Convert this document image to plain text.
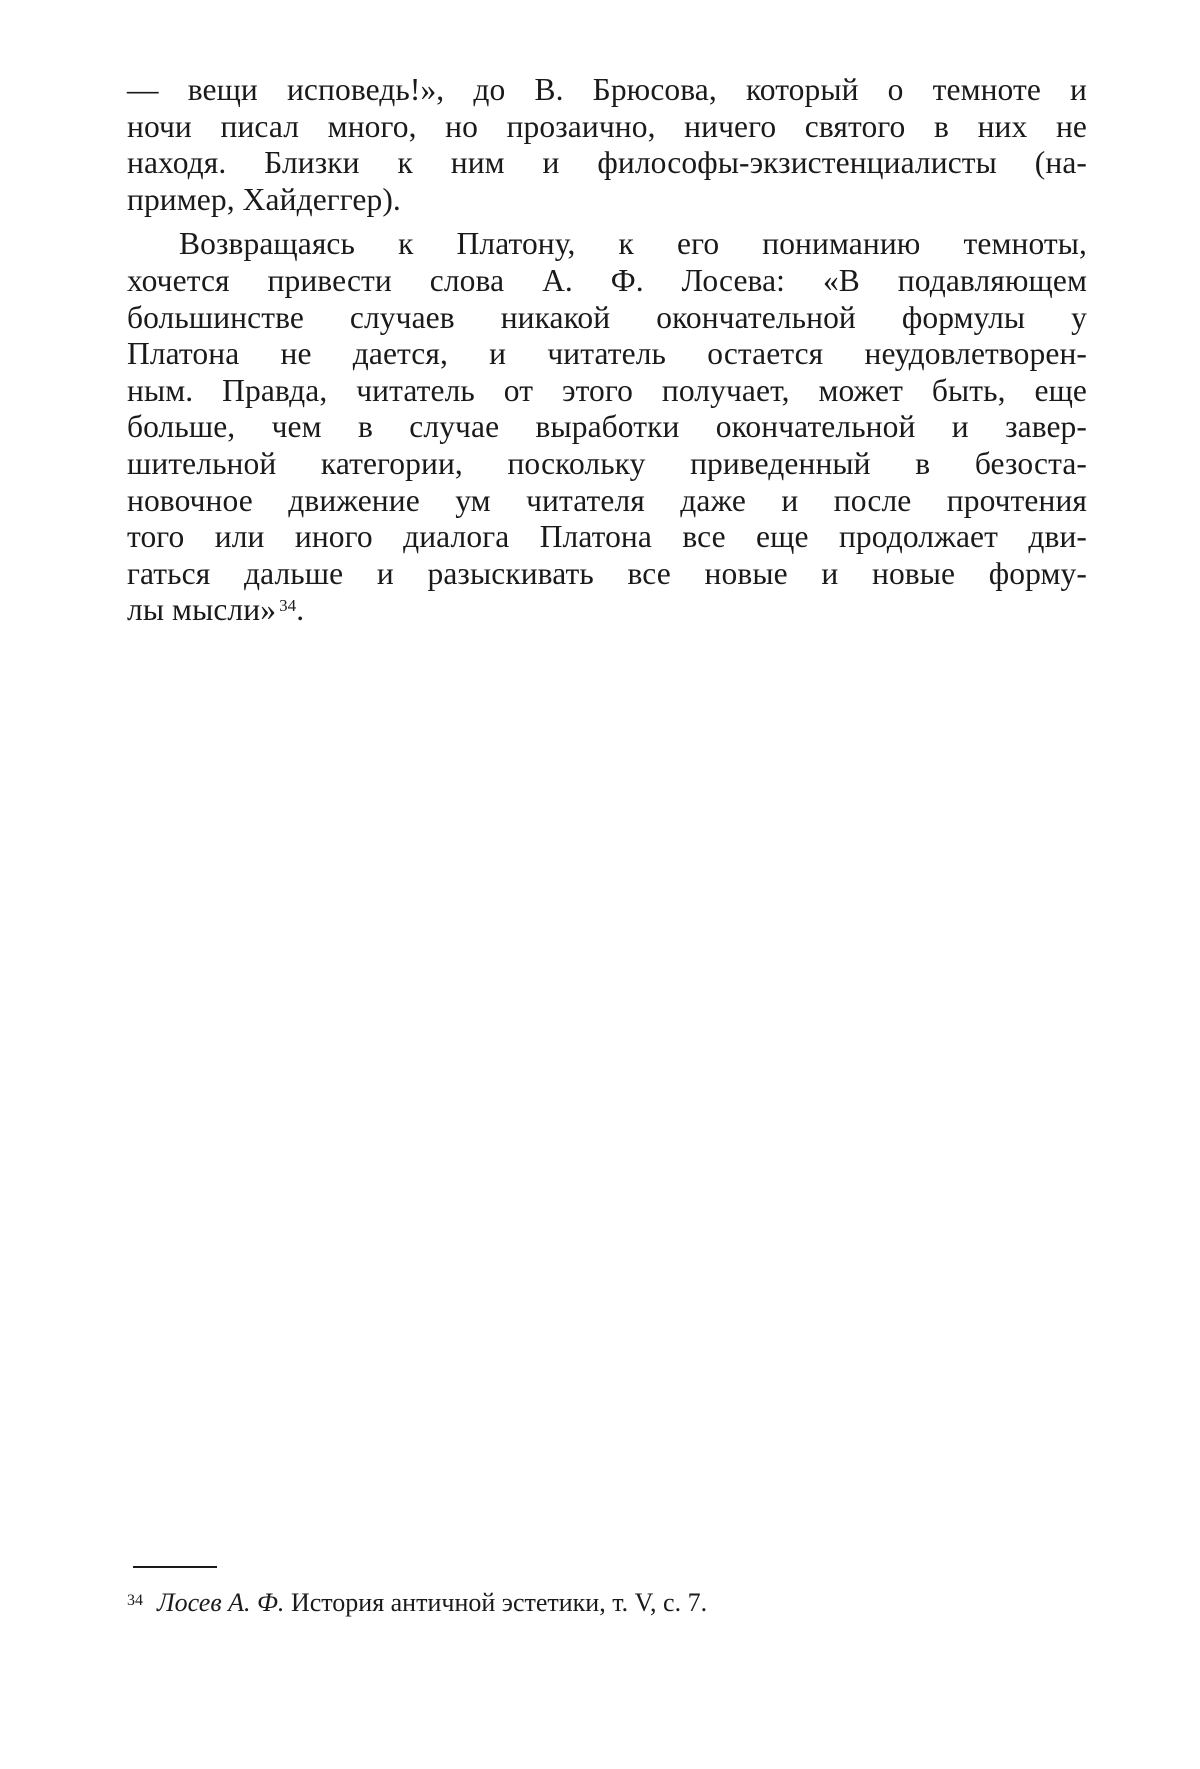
— вещи исповедь!», до В. Брюсова, который о темноте и
ночи писал много, но прозаично, ничего святого в них не
находя. Близки к ним и философы-экзистенциалисты (на-
пример, Хайдеггер).
Возвращаясь к Платону, к его пониманию темноты,
хочется привести слова А. Ф. Лосева: «В подавляющем
большинстве случаев никакой окончательной формулы у
Платона не дается, и читатель остается неудовлетворен-
ным. Правда, читатель от этого получает, может быть, еще
больше, чем в случае выработки окончательной и завер-
шительной категории, поскольку приведенный в безоста-
новочное движение ум читателя даже и после прочтения
того или иного диалога Платона все еще продолжает дви-
гаться дальше и разыскивать все новые и новые форму-
лы мысли» $^{34}$.
$^{34}$ Лосев А. Ф. История античной эстетики, т. V, с. 7.
